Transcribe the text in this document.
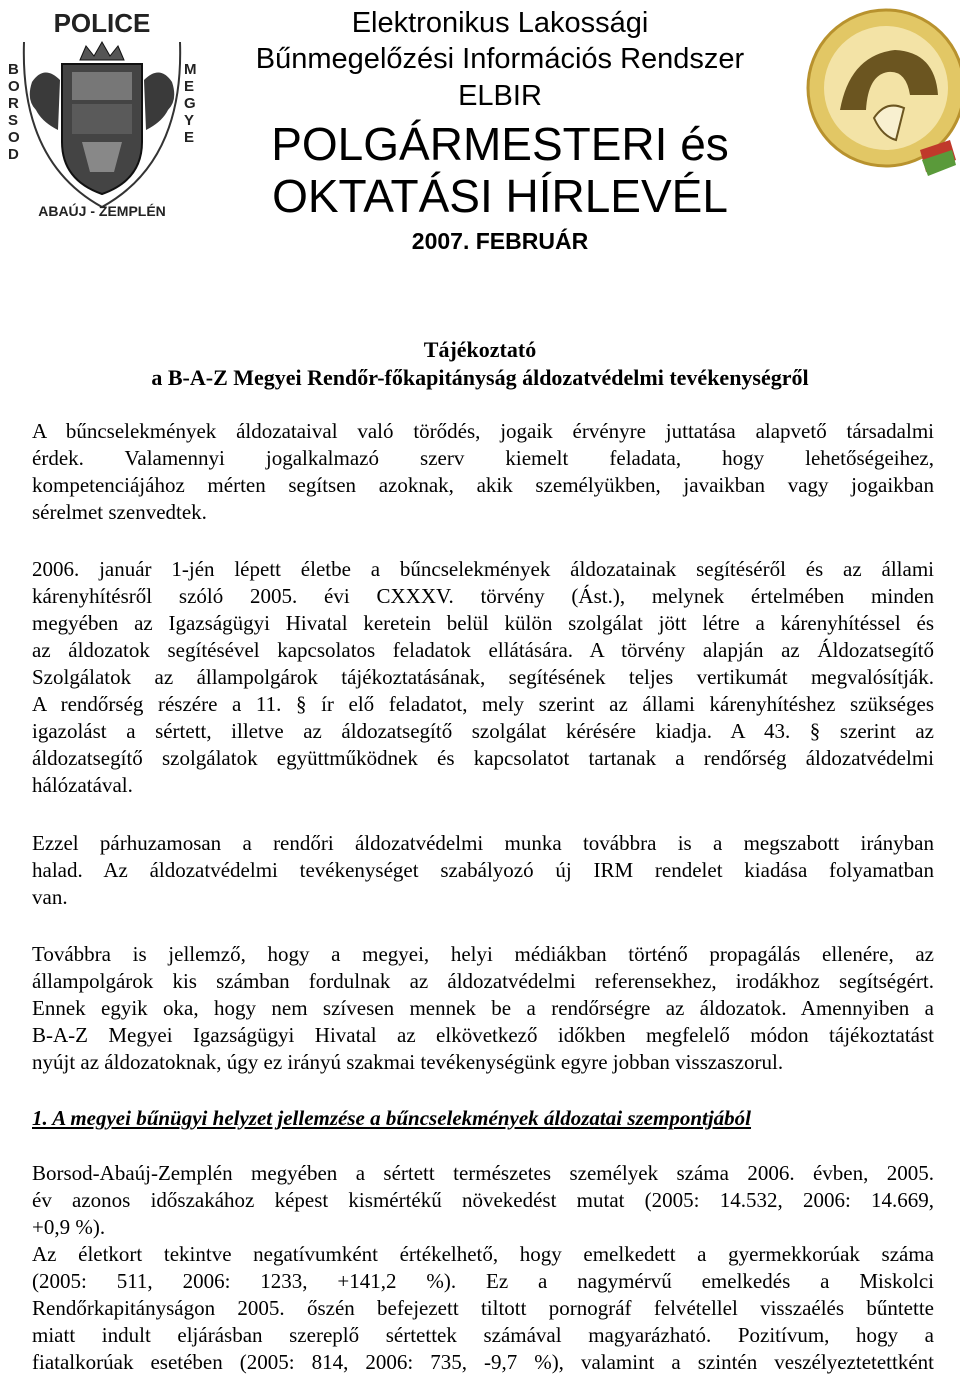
POLICE
B O R S O D
M E G Y E
ABAÚJ - ZEMPLÉN

Elektronikus Lakossági

Bűnmegelőzési Információs Rendszer

ELBIR

POLGÁRMESTERI és

OKTATÁSI HÍRLEVÉL

2007. FEBRUÁR

Tájékoztató

a B-A-Z Megyei Rendőr-főkapitányság áldozatvédelmi tevékenységről

A bűncselekmények áldozataival való törődés, jogaik érvényre juttatása alapvető társadalmi
érdek. Valamennyi jogalkalmazó szerv kiemelt feladata, hogy lehetőségeihez,
kompetenciájához mérten segítsen azoknak, akik személyükben, javaikban vagy jogaikban
sérelmet szenvedtek.
2006. január 1-jén lépett életbe a bűncselekmények áldozatainak segítéséről és az állami
kárenyhítésről szóló 2005. évi CXXXV. törvény (Ást.), melynek értelmében minden
megyében az Igazságügyi Hivatal keretein belül külön szolgálat jött létre a kárenyhítéssel és
az áldozatok segítésével kapcsolatos feladatok ellátására. A törvény alapján az Áldozatsegítő
Szolgálatok az állampolgárok tájékoztatásának, segítésének teljes vertikumát megvalósítják.
A rendőrség részére a 11. § ír elő feladatot, mely szerint az állami kárenyhítéshez szükséges
igazolást a sértett, illetve az áldozatsegítő szolgálat kérésére kiadja. A 43. § szerint az
áldozatsegítő szolgálatok együttműködnek és kapcsolatot tartanak a rendőrség áldozatvédelmi
hálózatával.
Ezzel párhuzamosan a rendőri áldozatvédelmi munka továbbra is a megszabott irányban
halad. Az áldozatvédelmi tevékenységet szabályozó új IRM rendelet kiadása folyamatban
van.
Továbbra is jellemző, hogy a megyei, helyi médiákban történő propagálás ellenére, az
állampolgárok kis számban fordulnak az áldozatvédelmi referensekhez, irodákhoz segítségért.
Ennek egyik oka, hogy nem szívesen mennek be a rendőrségre az áldozatok. Amennyiben a
B-A-Z Megyei Igazságügyi Hivatal az elkövetkező időkben megfelelő módon tájékoztatást
nyújt az áldozatoknak, úgy ez irányú szakmai tevékenységünk egyre jobban visszaszorul.

1. A megyei bűnügyi helyzet jellemzése a bűncselekmények áldozatai szempontjából

Borsod-Abaúj-Zemplén megyében a sértett természetes személyek száma 2006. évben, 2005.
év azonos időszakához képest kismértékű növekedést mutat (2005: 14.532, 2006: 14.669,
+0,9 %).
Az életkort tekintve negatívumként értékelhető, hogy emelkedett a gyermekkorúak száma
(2005: 511, 2006: 1233, +141,2 %). Ez a nagymérvű emelkedés a Miskolci
Rendőrkapitányságon 2005. őszén befejezett tiltott pornográf felvétellel visszaélés bűntette
miatt indult eljárásban szereplő sértettek számával magyarázható. Pozitívum, hogy a
fiatalkorúak esetében (2005: 814, 2006: 735, -9,7 %), valamint a szintén veszélyeztetettként
